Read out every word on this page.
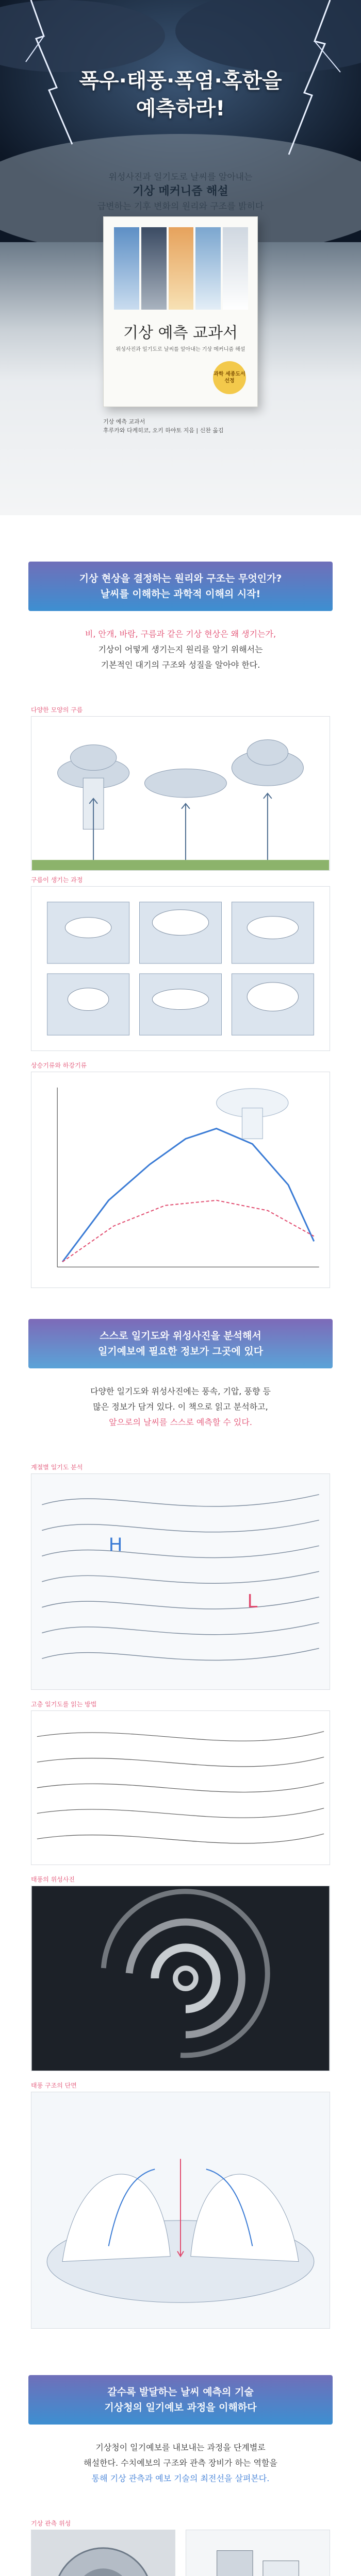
폭우·태풍·폭염·혹한을
예측하라!
위성사진과 일기도로 날씨를 알아내는
기상 메커니즘 해설
급변하는 기후 변화의 원리와 구조를 밝히다
기상 예측 교과서
위성사진과 일기도로 날씨를 알아내는 기상 메커니즘 해설
과학 세종도서 선정
기상 예측 교과서
후루카와 다케히코, 오키 하야토 지음 | 신찬 옮김
기상 현상을 결정하는 원리와 구조는 무엇인가?
날씨를 이해하는 과학적 이해의 시작!
비, 안개, 바람, 구름과 같은 기상 현상은 왜 생기는가,
기상이 어떻게 생기는지 원리를 알기 위해서는
기본적인 대기의 구조와 성질을 알아야 한다.
다양한 모양의 구름
구름이 생기는 과정
상승기류와 하강기류
스스로 일기도와 위성사진을 분석해서
일기예보에 필요한 정보가 그곳에 있다
다양한 일기도와 위성사진에는 풍속, 기압, 풍향 등
많은 정보가 담겨 있다. 이 책으로 읽고 분석하고,
앞으로의 날씨를 스스로 예측할 수 있다.
H
L
계절별 일기도 분석
고층 일기도를 읽는 방법
태풍의 위성사진
태풍 구조의 단면
갈수록 발달하는 날씨 예측의 기술
기상청의 일기예보 과정을 이해하다
기상청이 일기예보를 내보내는 과정을 단계별로
해설한다. 수치예보의 구조와 관측 장비가 하는 역할을
통해 기상 관측과 예보 기술의 최전선을 살펴본다.
기상 관측 위성
